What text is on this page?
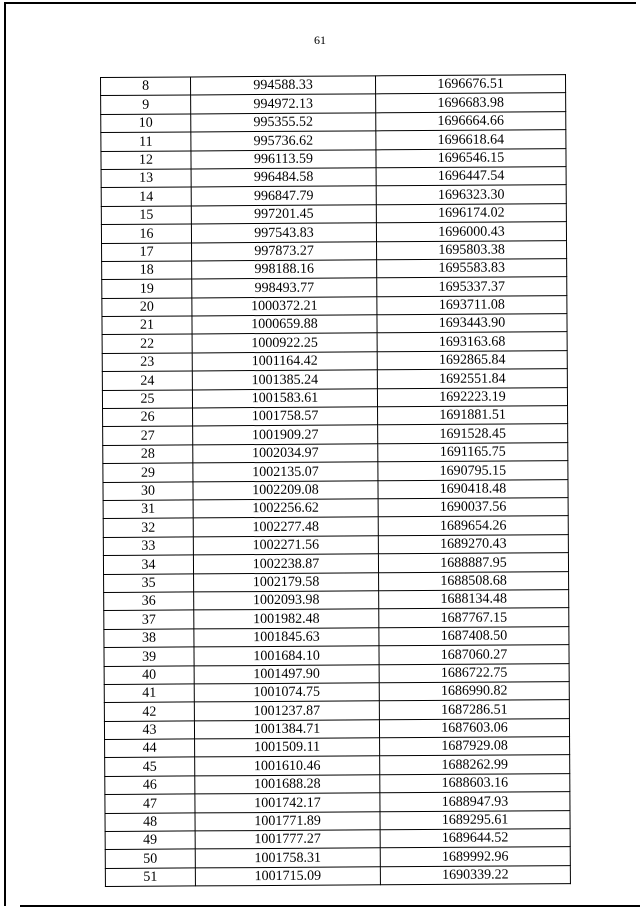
61
8	994588.33	1696676.51
9	994972.13	1696683.98
10	995355.52	1696664.66
11	995736.62	1696618.64
12	996113.59	1696546.15
13	996484.58	1696447.54
14	996847.79	1696323.30
15	997201.45	1696174.02
16	997543.83	1696000.43
17	997873.27	1695803.38
18	998188.16	1695583.83
19	998493.77	1695337.37
20	1000372.21	1693711.08
21	1000659.88	1693443.90
22	1000922.25	1693163.68
23	1001164.42	1692865.84
24	1001385.24	1692551.84
25	1001583.61	1692223.19
26	1001758.57	1691881.51
27	1001909.27	1691528.45
28	1002034.97	1691165.75
29	1002135.07	1690795.15
30	1002209.08	1690418.48
31	1002256.62	1690037.56
32	1002277.48	1689654.26
33	1002271.56	1689270.43
34	1002238.87	1688887.95
35	1002179.58	1688508.68
36	1002093.98	1688134.48
37	1001982.48	1687767.15
38	1001845.63	1687408.50
39	1001684.10	1687060.27
40	1001497.90	1686722.75
41	1001074.75	1686990.82
42	1001237.87	1687286.51
43	1001384.71	1687603.06
44	1001509.11	1687929.08
45	1001610.46	1688262.99
46	1001688.28	1688603.16
47	1001742.17	1688947.93
48	1001771.89	1689295.61
49	1001777.27	1689644.52
50	1001758.31	1689992.96
51	1001715.09	1690339.22
